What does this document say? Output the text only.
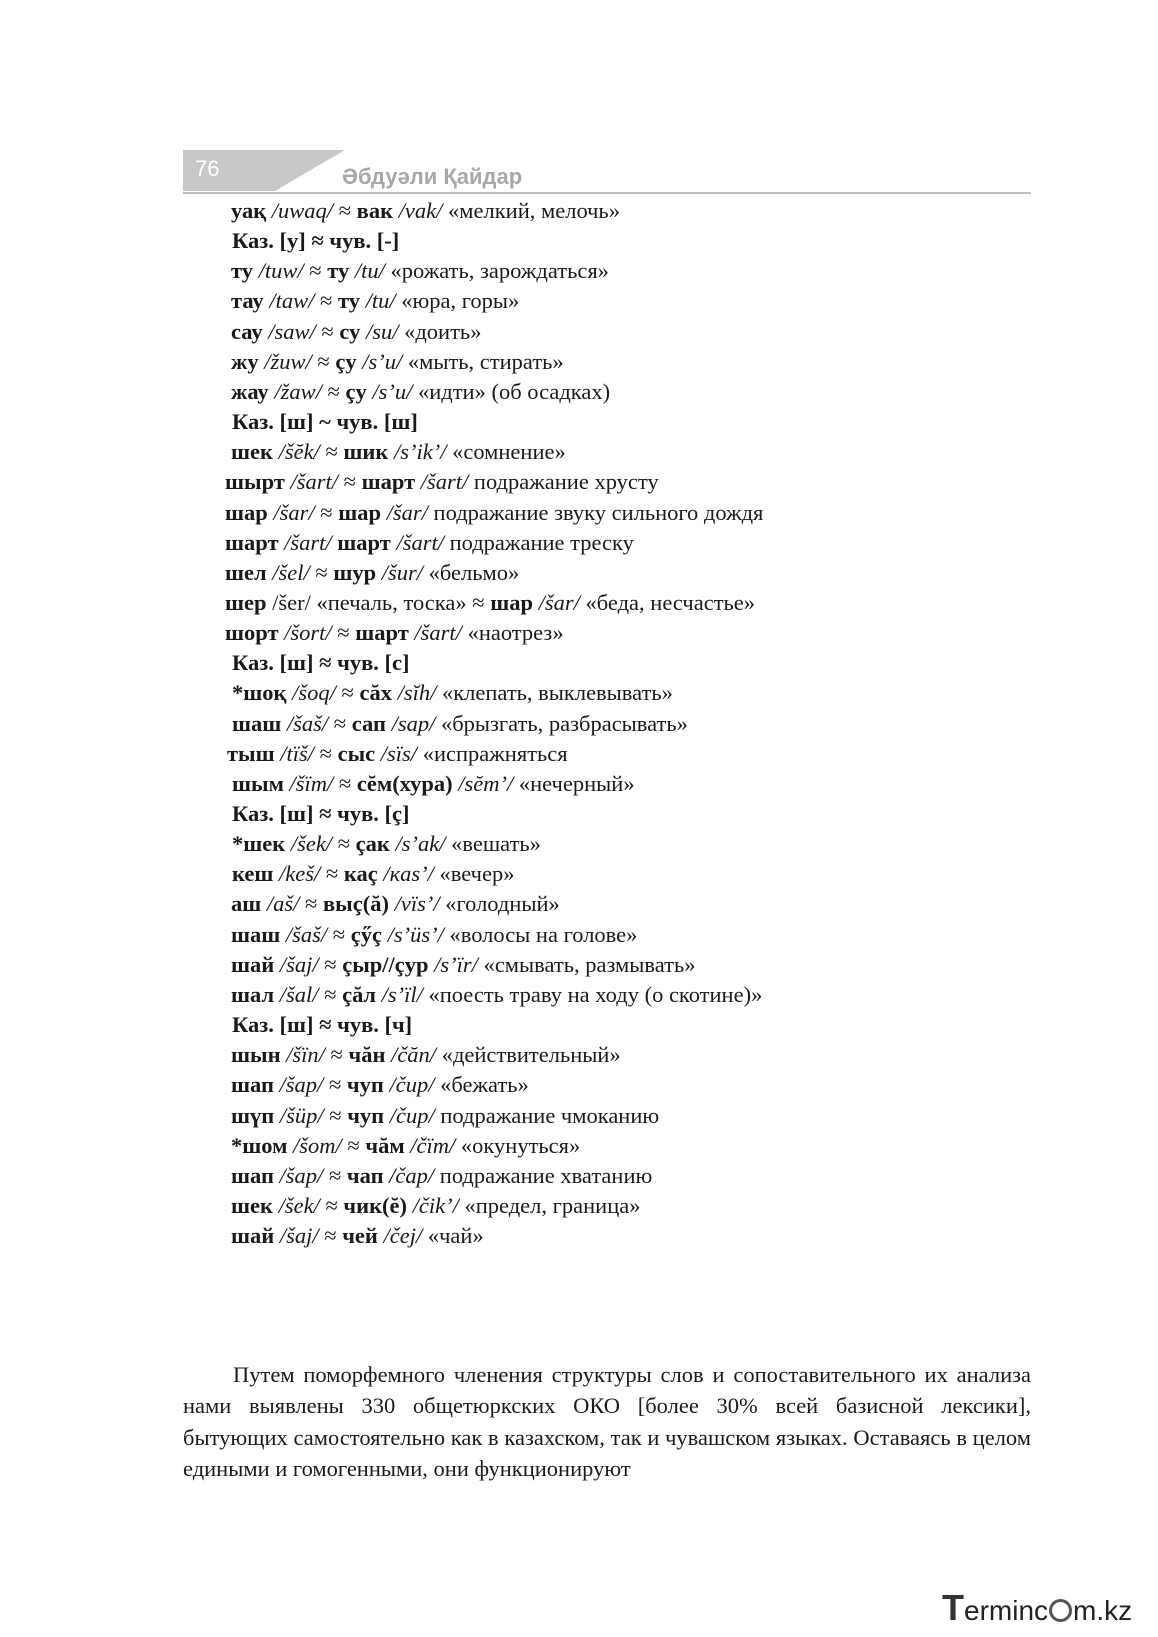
76	Әбдуәли Қайдар
уақ /uwaq/ ≈ вак /vak/ «мелкий, мелочь»
Каз. [у] ≈ чув. [-]
ту /tuw/ ≈ ту /tu/ «рожать, зарождаться»
тау /taw/ ≈ ту /tu/ «юра, горы»
сау /saw/ ≈ су /su/ «доить»
жу /žuw/ ≈ çу /s’u/ «мыть, стирать»
жау /žaw/ ≈ çу /s’u/ «идти» (об осадках)
Каз. [ш] ~ чув. [ш]
шек /šĕk/ ≈ шик /s’ik’/ «сомнение»
шырт /šart/ ≈ шарт /šart/ подражание хрусту
шар /šar/ ≈ шар /šar/ подражание звуку сильного дождя
шарт /šart/ шарт /šart/ подражание треску
шел /šel/ ≈ шур /šur/ «бельмо»
шер /šer/ «печаль, тоска» ≈ шар /šar/ «беда, несчастье»
шорт /šort/ ≈ шарт /šart/ «наотрез»
Каз. [ш] ≈ чув. [с]
*шоқ /šoq/ ≈ сăх /sĭh/ «клепать, выклевывать»
шаш /šaš/ ≈ сап /sap/ «брызгать, разбрасывать»
тыш /tïš/ ≈ сыс /sïs/ «испражняться
шым /šïm/ ≈ сĕм(хура) /sĕm’/ «нечерный»
Каз. [ш] ≈ чув. [ç]
*шек /šek/ ≈ çак /s’ak/ «вешать»
кеш /keš/ ≈ каç /кas’/ «вечер»
аш /aš/ ≈ выç(ă) /vïs’/ «голодный»
шаш /šaš/ ≈ çӳç /s’üs’/ «волосы на голове»
шай /šaj/ ≈ çыр//çур /s’ïr/ «смывать, размывать»
шал /šal/ ≈ çăл /s’ïl/ «поесть траву на ходу (о скотине)»
Каз. [ш] ≈ чув. [ч]
шын /šïn/ ≈ чăн /čăn/ «действительный»
шап /šap/ ≈ чуп /čup/ «бежать»
шүп /šüp/ ≈ чуп /čup/ подражание чмоканию
*шом /šom/ ≈ чăм /čïm/ «окунуться»
шап /šap/ ≈ чап /čap/ подражание хватанию
шек /šek/ ≈ чик(ĕ) /čik’/ «предел, граница»
шай /šaj/ ≈ чей /čej/ «чай»

Путем поморфемного членения структуры слов и сопоставительного их анализа нами выявлены 330 общетюркских ОКО [более 30% всей базисной лексики], бытующих самостоятельно как в казахском, так и чувашском языках. Оставаясь в целом едиными и гомогенными, они функционируют

Terminc m.kz
